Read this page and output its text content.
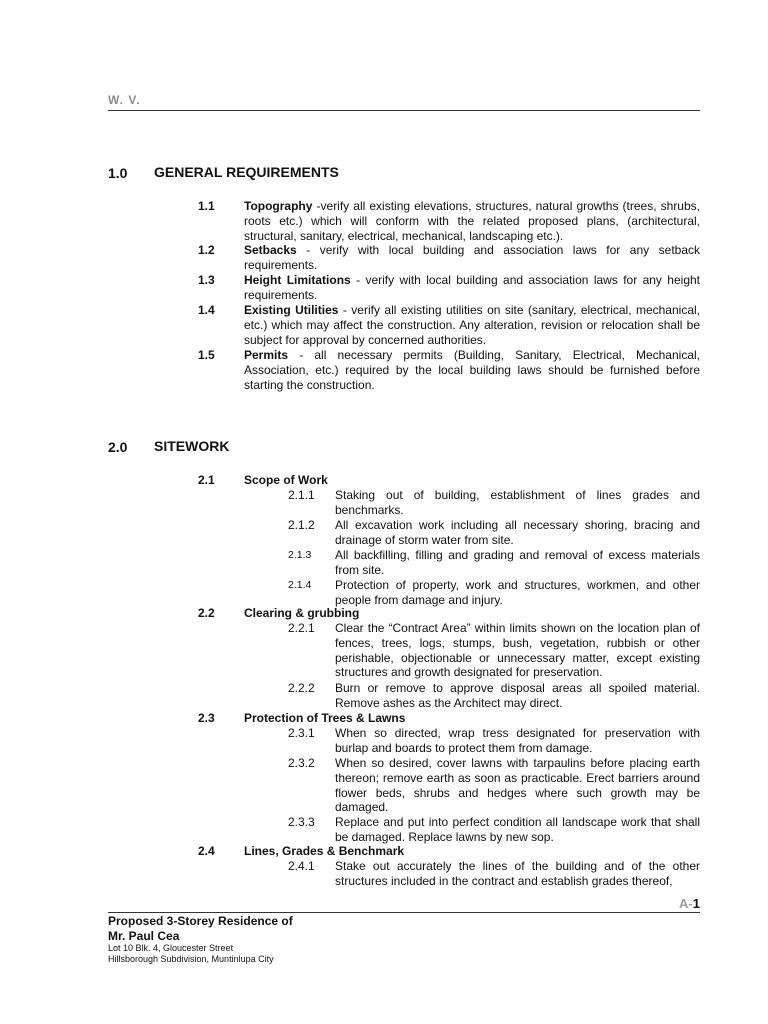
W. V.
1.0 GENERAL REQUIREMENTS
1.1 Topography -verify all existing elevations, structures, natural growths (trees, shrubs, roots etc.) which will conform with the related proposed plans, (architectural, structural, sanitary, electrical, mechanical, landscaping etc.).
1.2 Setbacks - verify with local building and association laws for any setback requirements.
1.3 Height Limitations - verify with local building and association laws for any height requirements.
1.4 Existing Utilities - verify all existing utilities on site (sanitary, electrical, mechanical, etc.) which may affect the construction. Any alteration, revision or relocation shall be subject for approval by concerned authorities.
1.5 Permits - all necessary permits (Building, Sanitary, Electrical, Mechanical, Association, etc.) required by the local building laws should be furnished before starting the construction.
2.0 SITEWORK
2.1 Scope of Work
2.1.1 Staking out of building, establishment of lines grades and benchmarks.
2.1.2 All excavation work including all necessary shoring, bracing and drainage of storm water from site.
2.1.3 All backfilling, filling and grading and removal of excess materials from site.
2.1.4 Protection of property, work and structures, workmen, and other people from damage and injury.
2.2 Clearing & grubbing
2.2.1 Clear the “Contract Area” within limits shown on the location plan of fences, trees, logs, stumps, bush, vegetation, rubbish or other perishable, objectionable or unnecessary matter, except existing structures and growth designated for preservation.
2.2.2 Burn or remove to approve disposal areas all spoiled material. Remove ashes as the Architect may direct.
2.3 Protection of Trees & Lawns
2.3.1 When so directed, wrap tress designated for preservation with burlap and boards to protect them from damage.
2.3.2 When so desired, cover lawns with tarpaulins before placing earth thereon; remove earth as soon as practicable. Erect barriers around flower beds, shrubs and hedges where such growth may be damaged.
2.3.3 Replace and put into perfect condition all landscape work that shall be damaged. Replace lawns by new sop.
2.4 Lines, Grades & Benchmark
2.4.1 Stake out accurately the lines of the building and of the other structures included in the contract and establish grades thereof,
A-1
Proposed 3-Storey Residence of
Mr. Paul Cea
Lot 10 Blk. 4, Gloucester Street
Hillsborough Subdivision, Muntinlupa City
